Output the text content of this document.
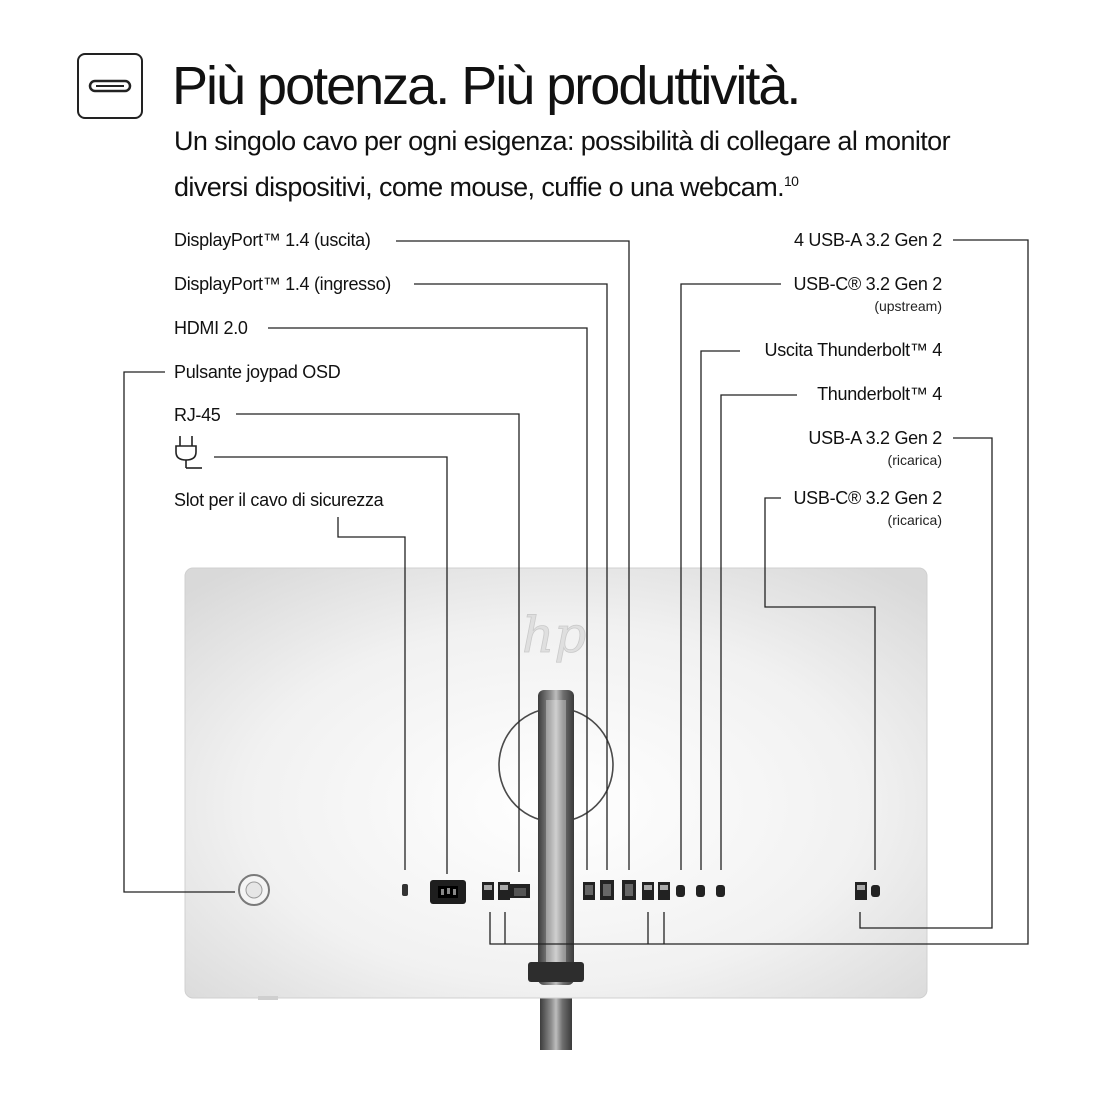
Più potenza. Più produttività.
Un singolo cavo per ogni esigenza: possibilità di collegare al monitor diversi dispositivi, come mouse, cuffie o una webcam.$^{10}$
hp
DisplayPort™ 1.4 (uscita)
DisplayPort™ 1.4 (ingresso)
HDMI 2.0
Pulsante joypad OSD
RJ-45
Slot per il cavo di sicurezza
4 USB-A 3.2 Gen 2
USB-C® 3.2 Gen 2
(upstream)
Uscita Thunderbolt™ 4
Thunderbolt™ 4
USB-A 3.2 Gen 2
(ricarica)
USB-C® 3.2 Gen 2
(ricarica)
